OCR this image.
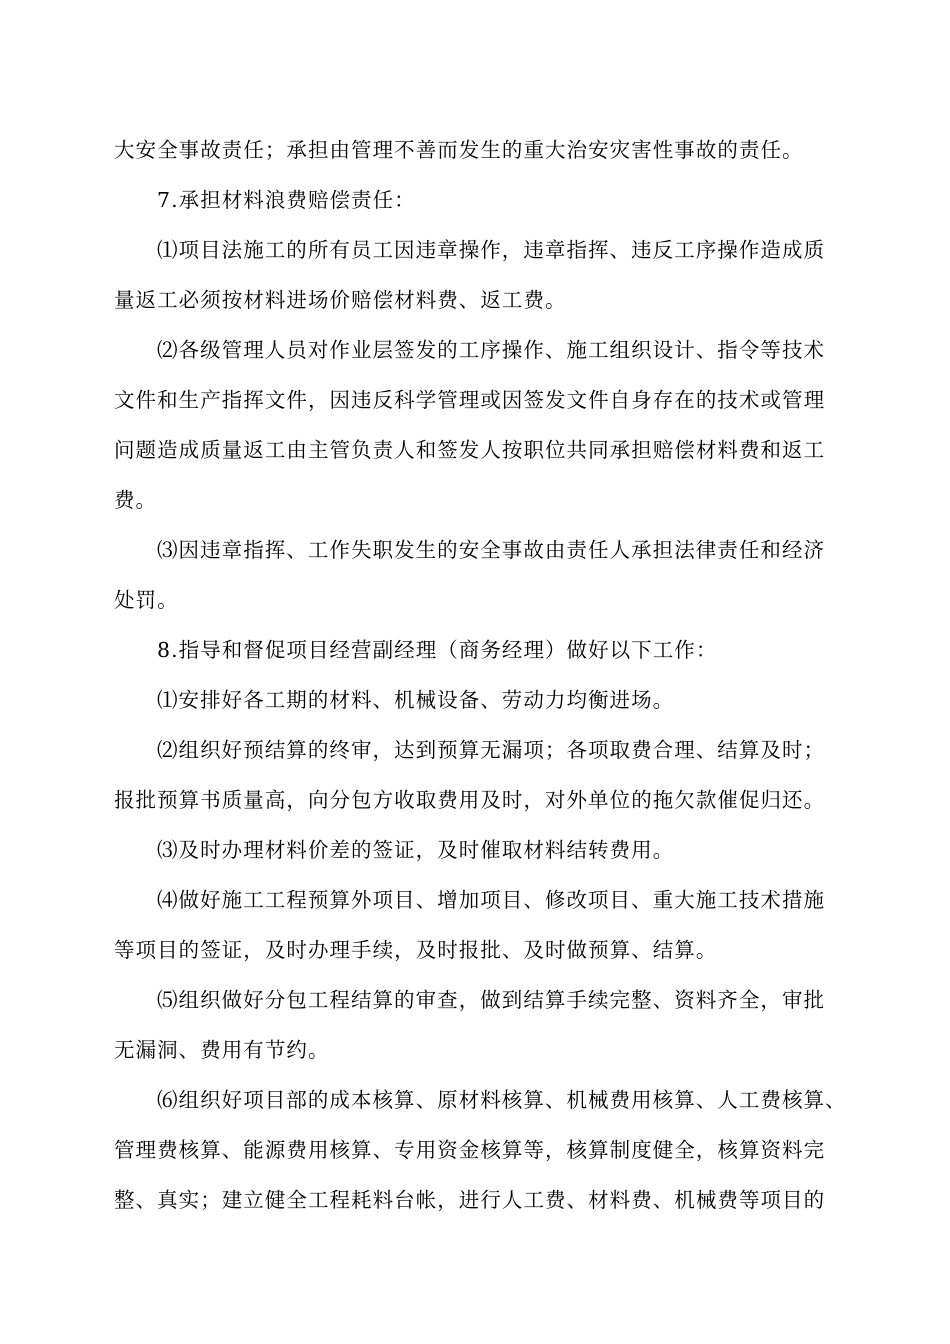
大安全事故责任；承担由管理不善而发生的重大治安灾害性事故的责任。
7.承担材料浪费赔偿责任：
⑴项目法施工的所有员工因违章操作，违章指挥、违反工序操作造成质
量返工必须按材料进场价赔偿材料费、返工费。
⑵各级管理人员对作业层签发的工序操作、施工组织设计、指令等技术
文件和生产指挥文件，因违反科学管理或因签发文件自身存在的技术或管理
问题造成质量返工由主管负责人和签发人按职位共同承担赔偿材料费和返工
费。
⑶因违章指挥、工作失职发生的安全事故由责任人承担法律责任和经济
处罚。
8.指导和督促项目经营副经理（商务经理）做好以下工作：
⑴安排好各工期的材料、机械设备、劳动力均衡进场。
⑵组织好预结算的终审，达到预算无漏项；各项取费合理、结算及时；
报批预算书质量高，向分包方收取费用及时，对外单位的拖欠款催促归还。
⑶及时办理材料价差的签证，及时催取材料结转费用。
⑷做好施工工程预算外项目、增加项目、修改项目、重大施工技术措施
等项目的签证，及时办理手续，及时报批、及时做预算、结算。
⑸组织做好分包工程结算的审查，做到结算手续完整、资料齐全，审批
无漏洞、费用有节约。
⑹组织好项目部的成本核算、原材料核算、机械费用核算、人工费核算、
管理费核算、能源费用核算、专用资金核算等，核算制度健全，核算资料完
整、真实；建立健全工程耗料台帐，进行人工费、材料费、机械费等项目的
